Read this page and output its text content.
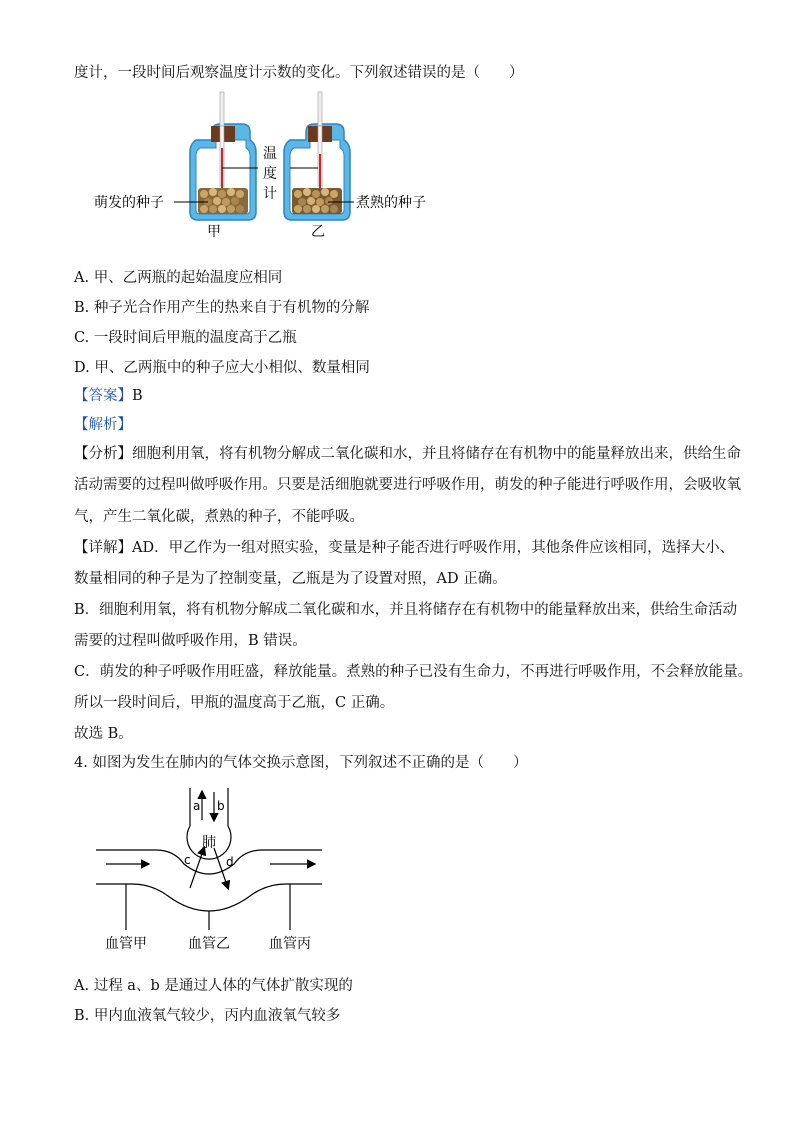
度计，一段时间后观察温度计示数的变化。下列叙述错误的是（　　）
温
度
计
萌发的种子	煮熟的种子
甲	乙
A. 甲、乙两瓶的起始温度应相同
B. 种子光合作用产生的热来自于有机物的分解
C. 一段时间后甲瓶的温度高于乙瓶
D. 甲、乙两瓶中的种子应大小相似、数量相同
【答案】B
【解析】
【分析】细胞利用氧，将有机物分解成二氧化碳和水，并且将储存在有机物中的能量释放出来，供给生命
活动需要的过程叫做呼吸作用。只要是活细胞就要进行呼吸作用，萌发的种子能进行呼吸作用，会吸收氧
气，产生二氧化碳，煮熟的种子，不能呼吸。
【详解】AD．甲乙作为一组对照实验，变量是种子能否进行呼吸作用，其他条件应该相同，选择大小、
数量相同的种子是为了控制变量，乙瓶是为了设置对照，AD 正确。
B．细胞利用氧，将有机物分解成二氧化碳和水，并且将储存在有机物中的能量释放出来，供给生命活动
需要的过程叫做呼吸作用，B 错误。
C．萌发的种子呼吸作用旺盛，释放能量。煮熟的种子已没有生命力，不再进行呼吸作用，不会释放能量。
所以一段时间后，甲瓶的温度高于乙瓶，C 正确。
故选 B。
4. 如图为发生在肺内的气体交换示意图，下列叙述不正确的是（　　）
a b
肺
c	d
血管甲	血管乙	血管丙
A. 过程 a、b 是通过人体的气体扩散实现的
B. 甲内血液氧气较少，丙内血液氧气较多
